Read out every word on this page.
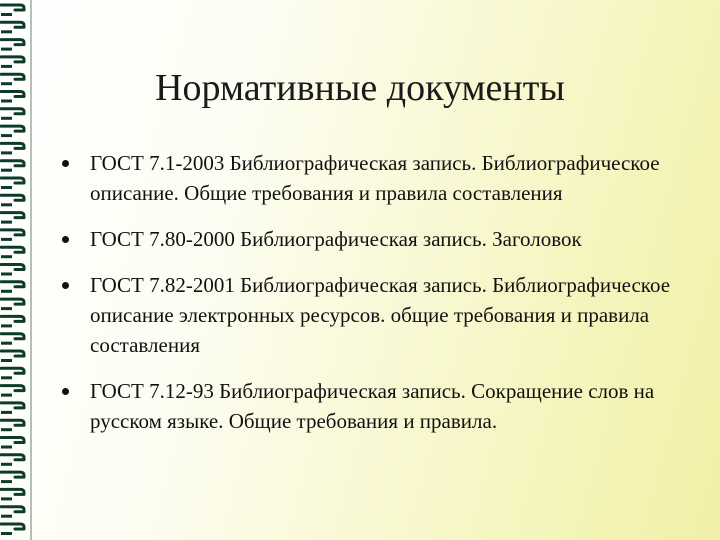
Нормативные документы
ГОСТ 7.1-2003 Библиографическая запись. Библиографическое описание. Общие требования и правила составления
ГОСТ 7.80-2000 Библиографическая запись. Заголовок
ГОСТ 7.82-2001 Библиографическая запись. Библиографическое описание электронных ресурсов. общие требования и правила составления
ГОСТ 7.12-93 Библиографическая запись. Сокращение слов на русском языке. Общие требования и правила.
